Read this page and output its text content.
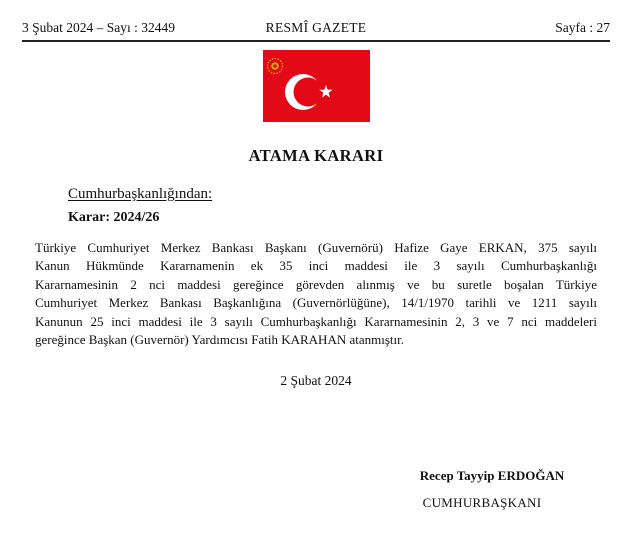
3 Şubat 2024 – Sayı : 32449	RESMÎ GAZETE	Sayfa : 27
ATAMA KARARI
Cumhurbaşkanlığından:
Karar: 2024/26
Türkiye Cumhuriyet Merkez Bankası Başkanı (Guvernörü) Hafize Gaye ERKAN, 375 sayılı
Kanun Hükmünde Kararnamenin ek 35 inci maddesi ile 3 sayılı Cumhurbaşkanlığı
Kararnamesinin 2 nci maddesi gereğince görevden alınmış ve bu suretle boşalan Türkiye
Cumhuriyet Merkez Bankası Başkanlığına (Guvernörlüğüne), 14/1/1970 tarihli ve 1211 sayılı
Kanunun 25 inci maddesi ile 3 sayılı Cumhurbaşkanlığı Kararnamesinin 2, 3 ve 7 nci maddeleri
gereğince Başkan (Guvernör) Yardımcısı Fatih KARAHAN atanmıştır.
2 Şubat 2024
Recep Tayyip ERDOĞAN
CUMHURBAŞKANI
